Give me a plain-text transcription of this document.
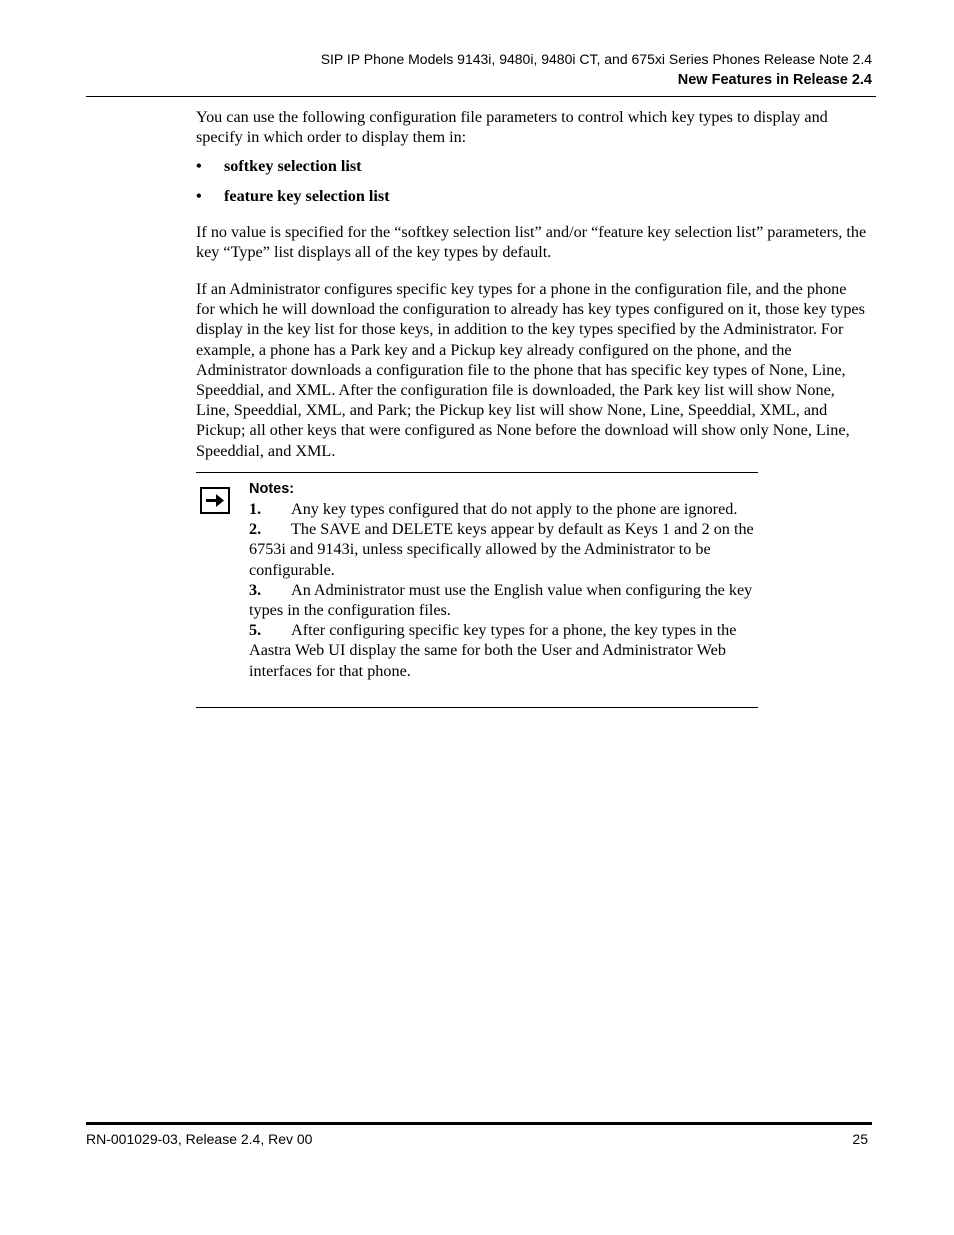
SIP IP Phone Models 9143i, 9480i, 9480i CT, and 675xi Series Phones Release Note 2.4
New Features in Release 2.4

You can use the following configuration file parameters to control which key types to display and specify in which order to display them in:

• softkey selection list
• feature key selection list

If no value is specified for the “softkey selection list” and/or “feature key selection list” parameters, the key “Type” list displays all of the key types by default.

If an Administrator configures specific key types for a phone in the configuration file, and the phone for which he will download the configuration to already has key types configured on it, those key types display in the key list for those keys, in addition to the key types specified by the Administrator. For example, a phone has a Park key and a Pickup key already configured on the phone, and the Administrator downloads a configuration file to the phone that has specific key types of None, Line, Speeddial, and XML. After the configuration file is downloaded, the Park key list will show None, Line, Speeddial, XML, and Park; the Pickup key list will show None, Line, Speeddial, XML, and Pickup; all other keys that were configured as None before the download will show only None, Line, Speeddial, and XML.

Notes:

1. Any key types configured that do not apply to the phone are ignored.

2. The SAVE and DELETE keys appear by default as Keys 1 and 2 on the 6753i and 9143i, unless specifically allowed by the Administrator to be configurable.

3. An Administrator must use the English value when configuring the key types in the configuration files.

5. After configuring specific key types for a phone, the key types in the Aastra Web UI display the same for both the User and Administrator Web interfaces for that phone.

RN-001029-03, Release 2.4, Rev 00	25
